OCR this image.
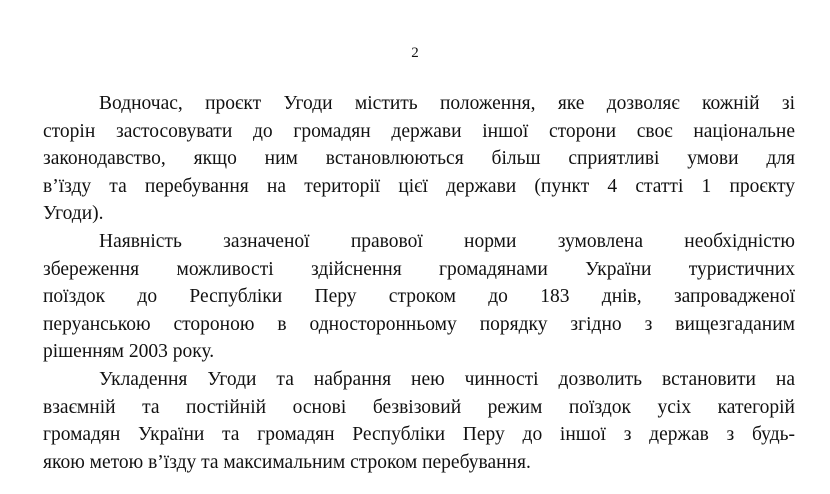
2
Водночас, проєкт Угоди містить положення, яке дозволяє кожній зі
сторін застосовувати до громадян держави іншої сторони своє національне
законодавство, якщо ним встановлюються більш сприятливі умови для
в’їзду та перебування на території цієї держави (пункт 4 статті 1 проєкту
Угоди).
Наявність зазначеної правової норми зумовлена необхідністю
збереження можливості здійснення громадянами України туристичних
поїздок до Республіки Перу строком до 183 днів, запровадженої
перуанською стороною в односторонньому порядку згідно з вищезгаданим
рішенням 2003 року.
Укладення Угоди та набрання нею чинності дозволить встановити на
взаємній та постійній основі безвізовий режим поїздок усіх категорій
громадян України та громадян Республіки Перу до іншої з держав з будь-
якою метою в’їзду та максимальним строком перебування.
